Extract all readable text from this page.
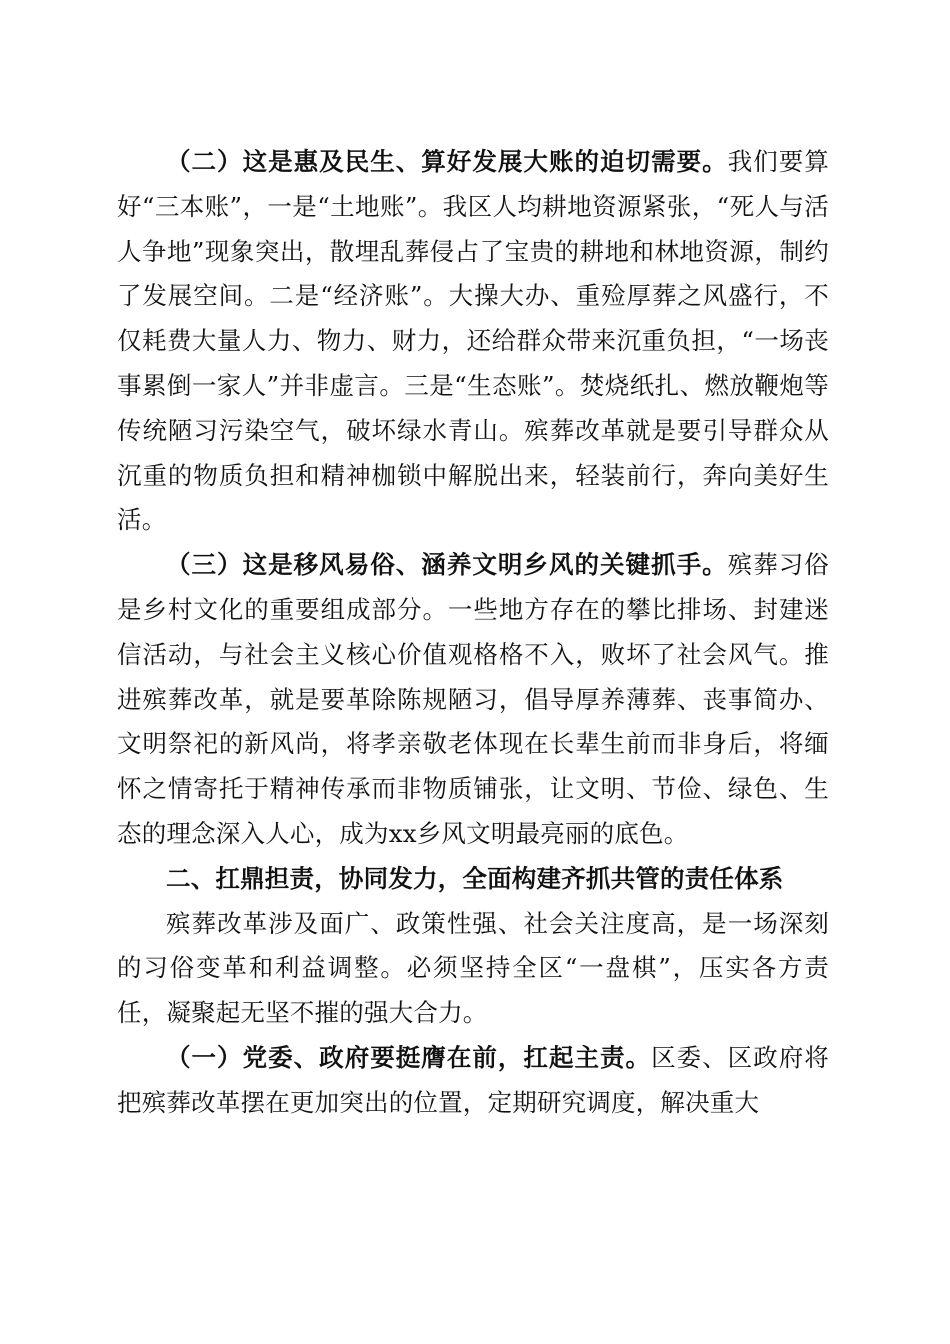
（二）这是惠及民生、算好发展大账的迫切需要。我们要算好“三本账”，一是“土地账”。我区人均耕地资源紧张，“死人与活人争地”现象突出，散埋乱葬侵占了宝贵的耕地和林地资源，制约了发展空间。二是“经济账”。大操大办、重殓厚葬之风盛行，不仅耗费大量人力、物力、财力，还给群众带来沉重负担，“一场丧事累倒一家人”并非虚言。三是“生态账”。焚烧纸扎、燃放鞭炮等传统陋习污染空气，破坏绿水青山。殡葬改革就是要引导群众从沉重的物质负担和精神枷锁中解脱出来，轻装前行，奔向美好生活。

（三）这是移风易俗、涵养文明乡风的关键抓手。殡葬习俗是乡村文化的重要组成部分。一些地方存在的攀比排场、封建迷信活动，与社会主义核心价值观格格不入，败坏了社会风气。推进殡葬改革，就是要革除陈规陋习，倡导厚养薄葬、丧事简办、文明祭祀的新风尚，将孝亲敬老体现在长辈生前而非身后，将缅怀之情寄托于精神传承而非物质铺张，让文明、节俭、绿色、生态的理念深入人心，成为xx乡风文明最亮丽的底色。

二、扛鼎担责，协同发力，全面构建齐抓共管的责任体系

殡葬改革涉及面广、政策性强、社会关注度高，是一场深刻的习俗变革和利益调整。必须坚持全区“一盘棋”，压实各方责任，凝聚起无坚不摧的强大合力。

（一）党委、政府要挺膺在前，扛起主责。区委、区政府将把殡葬改革摆在更加突出的位置，定期研究调度，解决重大
